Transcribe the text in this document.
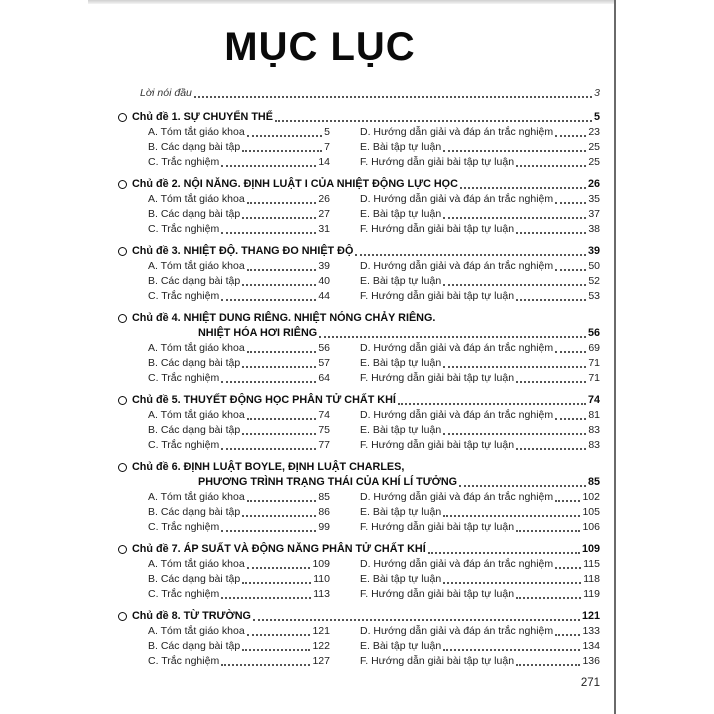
MỤC LỤC
Lời nói đầu	3
Chủ đề 1. SỰ CHUYỂN THỂ	5
A. Tóm tắt giáo khoa	5
B. Các dạng bài tập	7
C. Trắc nghiệm	14
D. Hướng dẫn giải và đáp án trắc nghiệm	23
E. Bài tập tự luận	25
F. Hướng dẫn giải bài tập tự luận	25
Chủ đề 2. NỘI NĂNG. ĐỊNH LUẬT I CỦA NHIỆT ĐỘNG LỰC HỌC	26
A. Tóm tắt giáo khoa	26
B. Các dạng bài tập	27
C. Trắc nghiệm	31
D. Hướng dẫn giải và đáp án trắc nghiệm	35
E. Bài tập tự luận	37
F. Hướng dẫn giải bài tập tự luận	38
Chủ đề 3. NHIỆT ĐỘ. THANG ĐO NHIỆT ĐỘ	39
A. Tóm tắt giáo khoa	39
B. Các dạng bài tập	40
C. Trắc nghiệm	44
D. Hướng dẫn giải và đáp án trắc nghiệm	50
E. Bài tập tự luận	52
F. Hướng dẫn giải bài tập tự luận	53
Chủ đề 4. NHIỆT DUNG RIÊNG. NHIỆT NÓNG CHẢY RIÊNG.
NHIỆT HÓA HƠI RIÊNG	56
A. Tóm tắt giáo khoa	56
B. Các dạng bài tập	57
C. Trắc nghiệm	64
D. Hướng dẫn giải và đáp án trắc nghiệm	69
E. Bài tập tự luận	71
F. Hướng dẫn giải bài tập tự luận	71
Chủ đề 5. THUYẾT ĐỘNG HỌC PHÂN TỬ CHẤT KHÍ	74
A. Tóm tắt giáo khoa	74
B. Các dạng bài tập	75
C. Trắc nghiệm	77
D. Hướng dẫn giải và đáp án trắc nghiệm	81
E. Bài tập tự luận	83
F. Hướng dẫn giải bài tập tự luận	83
Chủ đề 6. ĐỊNH LUẬT BOYLE, ĐỊNH LUẬT CHARLES,
PHƯƠNG TRÌNH TRẠNG THÁI CỦA KHÍ LÍ TƯỞNG	85
A. Tóm tắt giáo khoa	85
B. Các dạng bài tập	86
C. Trắc nghiệm	99
D. Hướng dẫn giải và đáp án trắc nghiệm	102
E. Bài tập tự luận	105
F. Hướng dẫn giải bài tập tự luận	106
Chủ đề 7. ÁP SUẤT VÀ ĐỘNG NĂNG PHÂN TỬ CHẤT KHÍ	109
A. Tóm tắt giáo khoa	109
B. Các dạng bài tập	110
C. Trắc nghiệm	113
D. Hướng dẫn giải và đáp án trắc nghiệm	115
E. Bài tập tự luận	118
F. Hướng dẫn giải bài tập tự luận	119
Chủ đề 8. TỪ TRƯỜNG	121
A. Tóm tắt giáo khoa	121
B. Các dạng bài tập	122
C. Trắc nghiệm	127
D. Hướng dẫn giải và đáp án trắc nghiệm	133
E. Bài tập tự luận	134
F. Hướng dẫn giải bài tập tự luận	136
271
